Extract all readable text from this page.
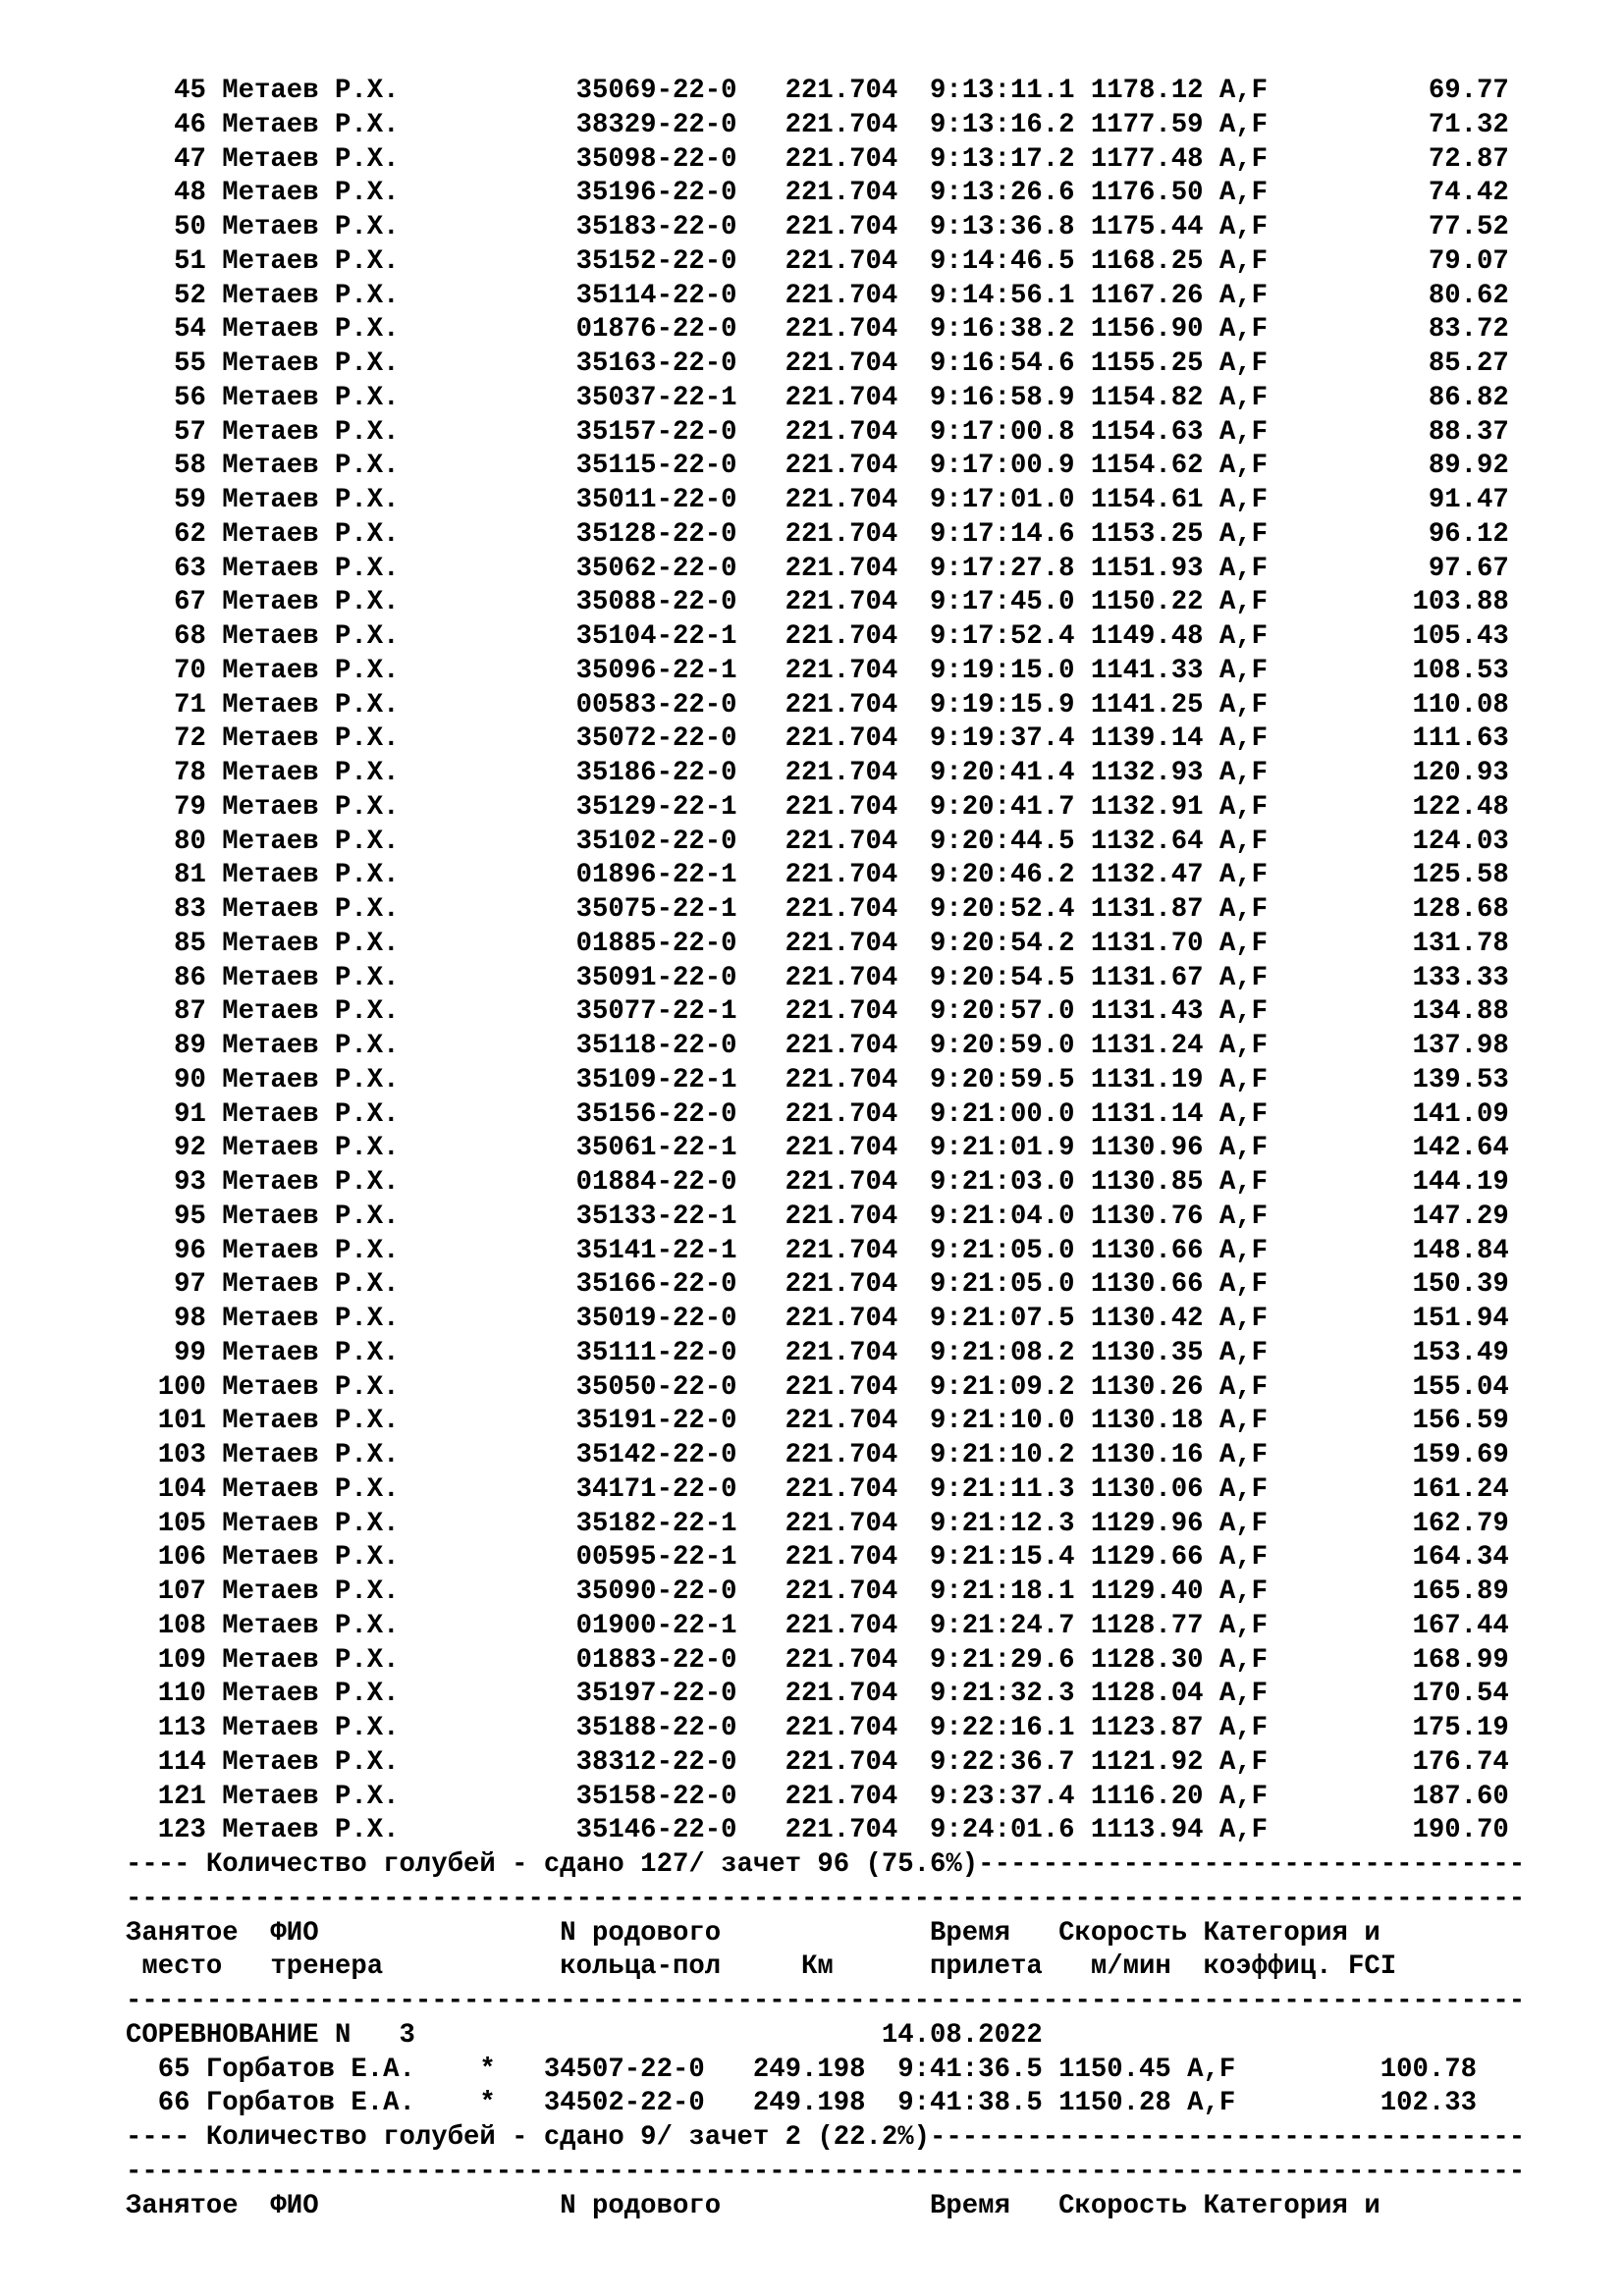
45 Метаев Р.Х.           35069-22-0   221.704  9:13:11.1 1178.12 A,F          69.77
46 Метаев Р.Х.           38329-22-0   221.704  9:13:16.2 1177.59 A,F          71.32
47 Метаев Р.Х.           35098-22-0   221.704  9:13:17.2 1177.48 A,F          72.87
48 Метаев Р.Х.           35196-22-0   221.704  9:13:26.6 1176.50 A,F          74.42
50 Метаев Р.Х.           35183-22-0   221.704  9:13:36.8 1175.44 A,F          77.52
51 Метаев Р.Х.           35152-22-0   221.704  9:14:46.5 1168.25 A,F          79.07
52 Метаев Р.Х.           35114-22-0   221.704  9:14:56.1 1167.26 A,F          80.62
54 Метаев Р.Х.           01876-22-0   221.704  9:16:38.2 1156.90 A,F          83.72
55 Метаев Р.Х.           35163-22-0   221.704  9:16:54.6 1155.25 A,F          85.27
56 Метаев Р.Х.           35037-22-1   221.704  9:16:58.9 1154.82 A,F          86.82
57 Метаев Р.Х.           35157-22-0   221.704  9:17:00.8 1154.63 A,F          88.37
58 Метаев Р.Х.           35115-22-0   221.704  9:17:00.9 1154.62 A,F          89.92
59 Метаев Р.Х.           35011-22-0   221.704  9:17:01.0 1154.61 A,F          91.47
62 Метаев Р.Х.           35128-22-0   221.704  9:17:14.6 1153.25 A,F          96.12
63 Метаев Р.Х.           35062-22-0   221.704  9:17:27.8 1151.93 A,F          97.67
67 Метаев Р.Х.           35088-22-0   221.704  9:17:45.0 1150.22 A,F         103.88
68 Метаев Р.Х.           35104-22-1   221.704  9:17:52.4 1149.48 A,F         105.43
70 Метаев Р.Х.           35096-22-1   221.704  9:19:15.0 1141.33 A,F         108.53
71 Метаев Р.Х.           00583-22-0   221.704  9:19:15.9 1141.25 A,F         110.08
72 Метаев Р.Х.           35072-22-0   221.704  9:19:37.4 1139.14 A,F         111.63
78 Метаев Р.Х.           35186-22-0   221.704  9:20:41.4 1132.93 A,F         120.93
79 Метаев Р.Х.           35129-22-1   221.704  9:20:41.7 1132.91 A,F         122.48
80 Метаев Р.Х.           35102-22-0   221.704  9:20:44.5 1132.64 A,F         124.03
81 Метаев Р.Х.           01896-22-1   221.704  9:20:46.2 1132.47 A,F         125.58
83 Метаев Р.Х.           35075-22-1   221.704  9:20:52.4 1131.87 A,F         128.68
85 Метаев Р.Х.           01885-22-0   221.704  9:20:54.2 1131.70 A,F         131.78
86 Метаев Р.Х.           35091-22-0   221.704  9:20:54.5 1131.67 A,F         133.33
87 Метаев Р.Х.           35077-22-1   221.704  9:20:57.0 1131.43 A,F         134.88
89 Метаев Р.Х.           35118-22-0   221.704  9:20:59.0 1131.24 A,F         137.98
90 Метаев Р.Х.           35109-22-1   221.704  9:20:59.5 1131.19 A,F         139.53
91 Метаев Р.Х.           35156-22-0   221.704  9:21:00.0 1131.14 A,F         141.09
92 Метаев Р.Х.           35061-22-1   221.704  9:21:01.9 1130.96 A,F         142.64
93 Метаев Р.Х.           01884-22-0   221.704  9:21:03.0 1130.85 A,F         144.19
95 Метаев Р.Х.           35133-22-1   221.704  9:21:04.0 1130.76 A,F         147.29
96 Метаев Р.Х.           35141-22-1   221.704  9:21:05.0 1130.66 A,F         148.84
97 Метаев Р.Х.           35166-22-0   221.704  9:21:05.0 1130.66 A,F         150.39
98 Метаев Р.Х.           35019-22-0   221.704  9:21:07.5 1130.42 A,F         151.94
99 Метаев Р.Х.           35111-22-0   221.704  9:21:08.2 1130.35 A,F         153.49
100 Метаев Р.Х.           35050-22-0   221.704  9:21:09.2 1130.26 A,F         155.04
101 Метаев Р.Х.           35191-22-0   221.704  9:21:10.0 1130.18 A,F         156.59
103 Метаев Р.Х.           35142-22-0   221.704  9:21:10.2 1130.16 A,F         159.69
104 Метаев Р.Х.           34171-22-0   221.704  9:21:11.3 1130.06 A,F         161.24
105 Метаев Р.Х.           35182-22-1   221.704  9:21:12.3 1129.96 A,F         162.79
106 Метаев Р.Х.           00595-22-1   221.704  9:21:15.4 1129.66 A,F         164.34
107 Метаев Р.Х.           35090-22-0   221.704  9:21:18.1 1129.40 A,F         165.89
108 Метаев Р.Х.           01900-22-1   221.704  9:21:24.7 1128.77 A,F         167.44
109 Метаев Р.Х.           01883-22-0   221.704  9:21:29.6 1128.30 A,F         168.99
110 Метаев Р.Х.           35197-22-0   221.704  9:21:32.3 1128.04 A,F         170.54
113 Метаев Р.Х.           35188-22-0   221.704  9:22:16.1 1123.87 A,F         175.19
114 Метаев Р.Х.           38312-22-0   221.704  9:22:36.7 1121.92 A,F         176.74
121 Метаев Р.Х.           35158-22-0   221.704  9:23:37.4 1116.20 A,F         187.60
123 Метаев Р.Х.           35146-22-0   221.704  9:24:01.6 1113.94 A,F         190.70
---- Количество голубей - сдано 127/ зачет 96 (75.6%)----------------------------------
---------------------------------------------------------------------------------------
Занятое  ФИО               N родового             Время   Скорость Категория и
место   тренера           кольца-пол     Км      прилета   м/мин  коэффиц. FCI
---------------------------------------------------------------------------------------
СОРЕВНОВАНИЕ N   3                             14.08.2022
65 Горбатов Е.А.    *   34507-22-0   249.198  9:41:36.5 1150.45 A,F         100.78
66 Горбатов Е.А.    *   34502-22-0   249.198  9:41:38.5 1150.28 A,F         102.33
---- Количество голубей - сдано 9/ зачет 2 (22.2%)-------------------------------------
---------------------------------------------------------------------------------------
Занятое  ФИО               N родового             Время   Скорость Категория и
